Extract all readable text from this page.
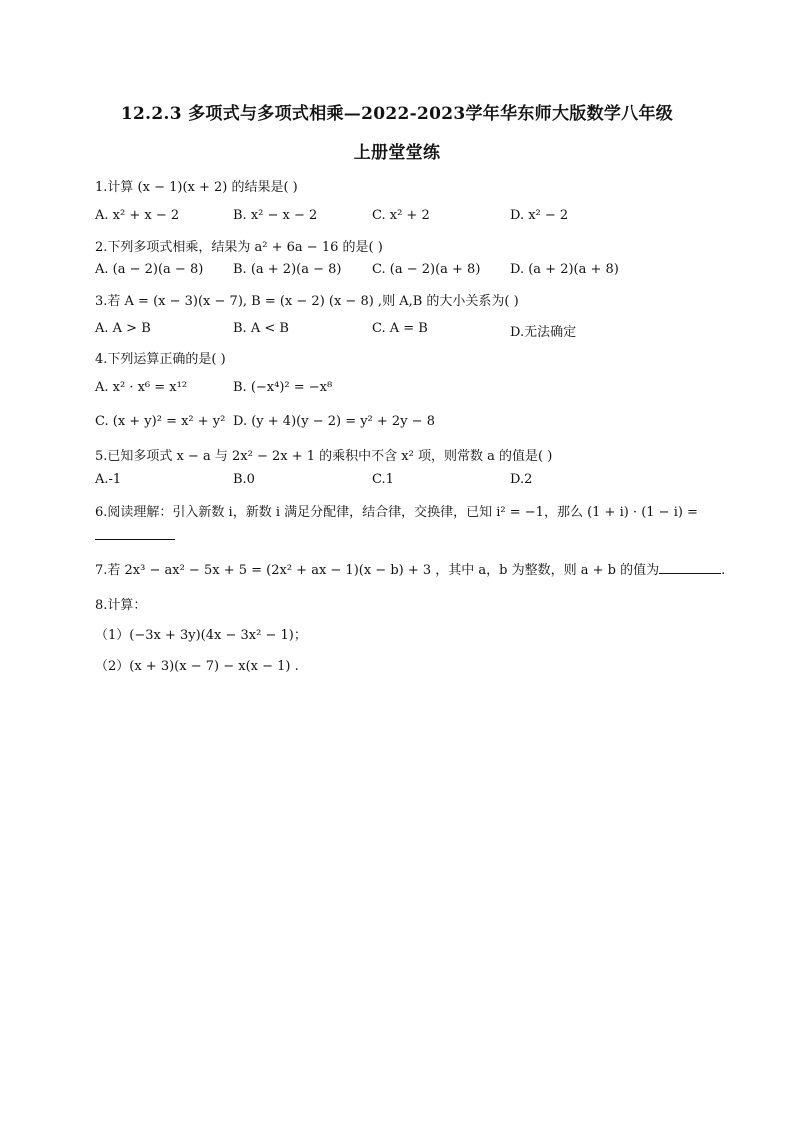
12.2.3 多项式与多项式相乘—2022-2023学年华东师大版数学八年级
上册堂堂练
1.计算 (x − 1)(x + 2) 的结果是( )
A. x² + x − 2	B. x² − x − 2	C. x² + 2	D. x² − 2
2.下列多项式相乘，结果为 a² + 6a − 16 的是( )
A. (a − 2)(a − 8) B. (a + 2)(a − 8) C. (a − 2)(a + 8) D. (a + 2)(a + 8)
3.若 A = (x − 3)(x − 7), B = (x − 2) (x − 8) ,则 A,B 的大小关系为( )
A. A > B	B. A < B	C. A = B	D.无法确定
4.下列运算正确的是( )
A. x² · x⁶ = x¹²	B. (−x⁴)² = −x⁸
C. (x + y)² = x² + y² D. (y + 4)(y − 2) = y² + 2y − 8
5.已知多项式 x − a 与 2x² − 2x + 1 的乘积中不含 x² 项，则常数 a 的值是( )
A.-1	B.0	C.1	D.2
6.阅读理解：引入新数 i，新数 i 满足分配律，结合律，交换律，已知 i² = −1，那么 (1 + i) · (1 − i) =
7.若 2x³ − ax² − 5x + 5 = (2x² + ax − 1)(x − b) + 3 ，其中 a，b 为整数，则 a + b 的值为	.
8.计算：
（1）(−3x + 3y)(4x − 3x² − 1)；
（2）(x + 3)(x − 7) − x(x − 1) .
